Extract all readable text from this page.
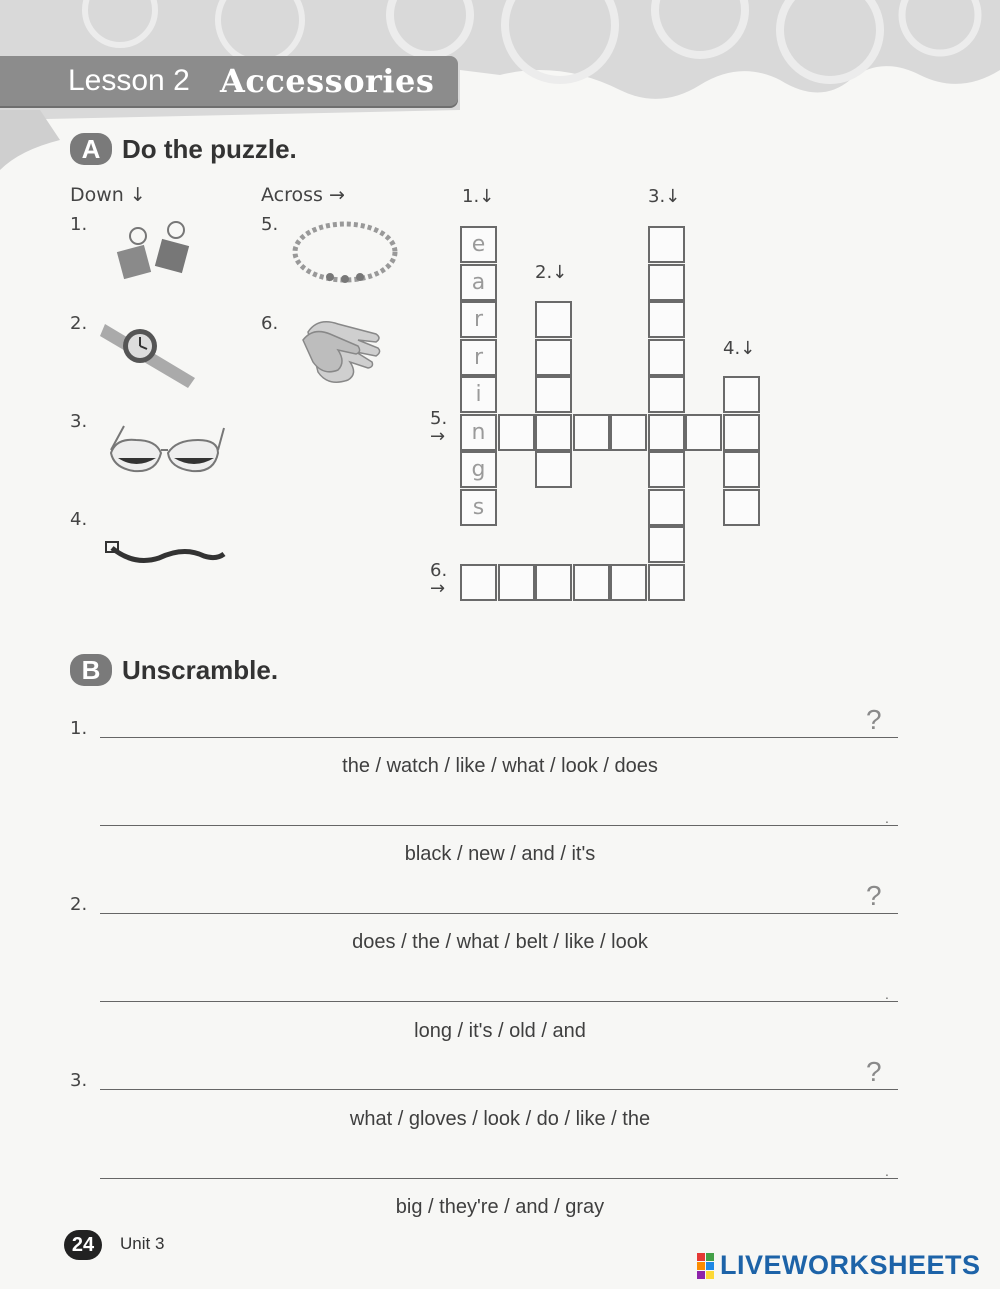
Lesson 2 Accessories
A Do the puzzle.
Down ↓	Across →
1.
2.
3.
4.
5.
6.
1.↓
2.↓
3.↓
4.↓
5.
→
6.
→
e
a
r
r
i
n
g
s
B Unscramble.
1.	?
the / watch / like / what / look / does
.
black / new / and / it's
2.	?
does / the / what / belt / like / look
.
long / it's / old / and
3.	?
what / gloves / look / do / like / the
.
big / they're / and / gray
24	Unit 3
LIVEWORKSHEETS
